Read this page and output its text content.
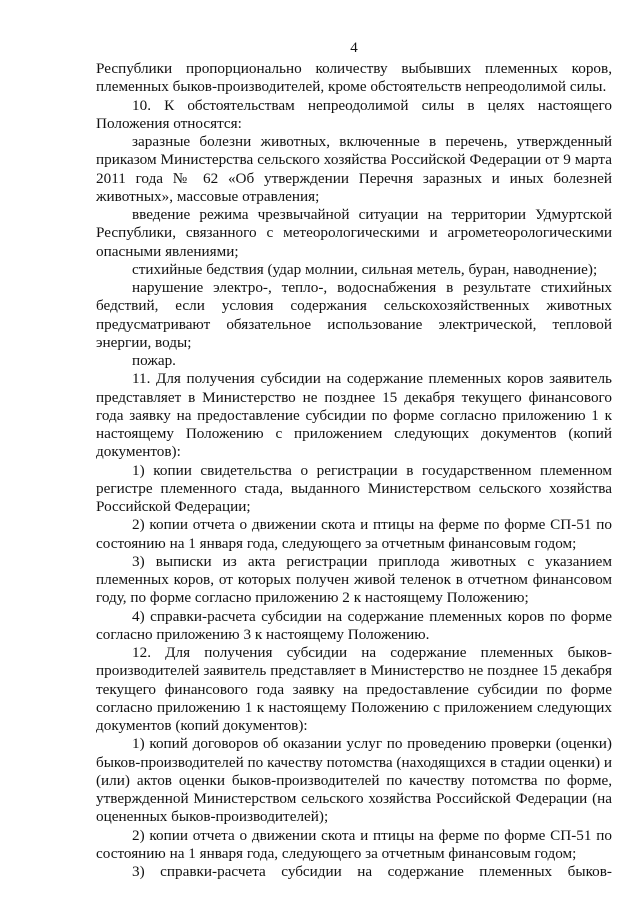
4

Республики пропорционально количеству выбывших племенных коров, племенных быков-производителей, кроме обстоятельств непреодолимой силы.

10. К обстоятельствам непреодолимой силы в целях настоящего Положения относятся:

заразные болезни животных, включенные в перечень, утвержденный приказом Министерства сельского хозяйства Российской Федерации от 9 марта 2011 года № 62 «Об утверждении Перечня заразных и иных болезней животных», массовые отравления;

введение режима чрезвычайной ситуации на территории Удмуртской Республики, связанного с метеорологическими и агрометеорологическими опасными явлениями;

стихийные бедствия (удар молнии, сильная метель, буран, наводнение);

нарушение электро-, тепло-, водоснабжения в результате стихийных бедствий, если условия содержания сельскохозяйственных животных предусматривают обязательное использование электрической, тепловой энергии, воды;

пожар.

11. Для получения субсидии на содержание племенных коров заявитель представляет в Министерство не позднее 15 декабря текущего финансового года заявку на предоставление субсидии по форме согласно приложению 1 к настоящему Положению с приложением следующих документов (копий документов):

1) копии свидетельства о регистрации в государственном племенном регистре племенного стада, выданного Министерством сельского хозяйства Российской Федерации;

2) копии отчета о движении скота и птицы на ферме по форме СП-51 по состоянию на 1 января года, следующего за отчетным финансовым годом;

3) выписки из акта регистрации приплода животных с указанием племенных коров, от которых получен живой теленок в отчетном финансовом году, по форме согласно приложению 2 к настоящему Положению;

4) справки-расчета субсидии на содержание племенных коров по форме согласно приложению 3 к настоящему Положению.

12. Для получения субсидии на содержание племенных быков-производителей заявитель представляет в Министерство не позднее 15 декабря текущего финансового года заявку на предоставление субсидии по форме согласно приложению 1 к настоящему Положению с приложением следующих документов (копий документов):

1) копий договоров об оказании услуг по проведению проверки (оценки) быков-производителей по качеству потомства (находящихся в стадии оценки) и (или) актов оценки быков-производителей по качеству потомства по форме, утвержденной Министерством сельского хозяйства Российской Федерации (на оцененных быков-производителей);

2) копии отчета о движении скота и птицы на ферме по форме СП-51 по состоянию на 1 января года, следующего за отчетным финансовым годом;

3) справки-расчета субсидии на содержание племенных быков-
